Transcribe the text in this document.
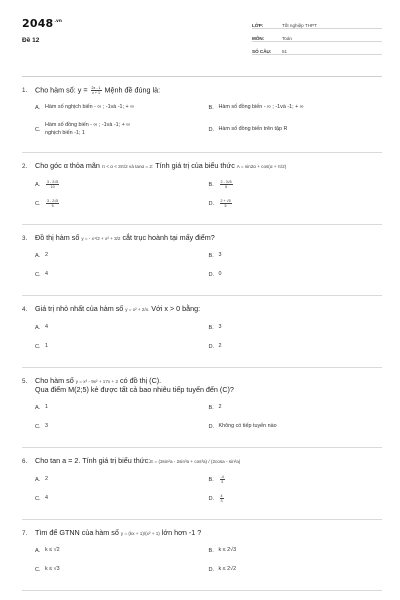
$2048^{.vn}$
Đề 12
LỚP:	Tốt nghiệp THPT
MÔN:	Toán
SỐ CÂU:	51
1.	Cho hàm số: $y = \frac{2x - 1}{x + 1}$ Mệnh đề đúng là:
A. Hàm số nghịch biến - ∞ ; -1và -1; + ∞	B. Hàm số đồng biến - ∞ ; -1và -1; + ∞
C.
Hàm số đồng biến - ∞ ; -1và -1; + ∞
nghịch biến -1; 1	D. Hàm số đồng biến trên tập R
2.	Cho góc α thỏa mãn π < α < 3π/2 và tanα = 2: Tính giá trị của biểu thức A = sin2α + cos(α + π/2)
A.	$\frac{3 - 2√5}{10}$	B.	$\frac{2 - 3√5}{5}$
C.	$\frac{3 - 2√5}{5}$	D.	$\frac{2 + √5}{5}$
3.	Đồ thị hàm số y = - x⁴/2 + x² + 3/2 cắt trục hoành tại mấy điểm?
A. 2	B. 3
C. 4	D. 0
4.	Giá trị nhỏ nhất của hàm số y = x² + 2/x. Với x > 0 bằng:
A. 4	B. 3
C. 1	D. 2
5.	Cho hàm số y = x³ - 9x² + 17x + 2 có đồ thị (C).
Qua điểm M(2;5) kẻ được tất cả bao nhiêu tiếp tuyến đến (C)?
A. 1	B. 2
C. 3	D. Không có tiếp tuyến nào
6.	Cho tan a = 2. Tính giá trị biểu thức:E = (3sin²a - 2sin³a + cos³a) / (2cosa - sin²a)
A. 2	B.	$\frac{-4}{3}$
C. 4	D.	$\frac{4}{3}$
7.	Tìm để GTNN của hàm số y = (kx + 1)/(x² + 1) lớn hơn -1 ?
A. k ≤ √2	B. k ≤ 2√3
C. k ≤ √3	D. k ≤ 2√2
